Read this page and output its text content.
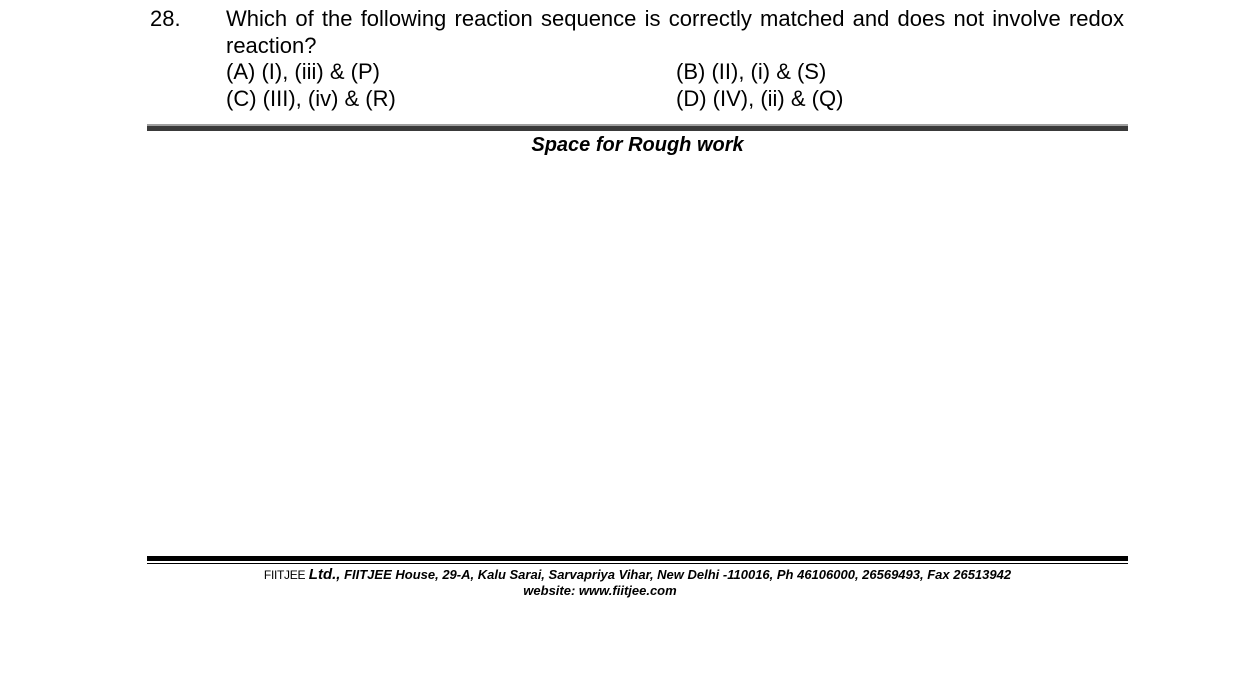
28. Which of the following reaction sequence is correctly matched and does not involve redox reaction?
(A) (I), (iii) & (P)	(B) (II), (i) & (S)
(C) (III), (iv) & (R)	(D) (IV), (ii) & (Q)
Space for Rough work
FIITJEE Ltd., FIITJEE House, 29-A, Kalu Sarai, Sarvapriya Vihar, New Delhi -110016, Ph 46106000, 26569493, Fax 26513942
website: www.fiitjee.com
